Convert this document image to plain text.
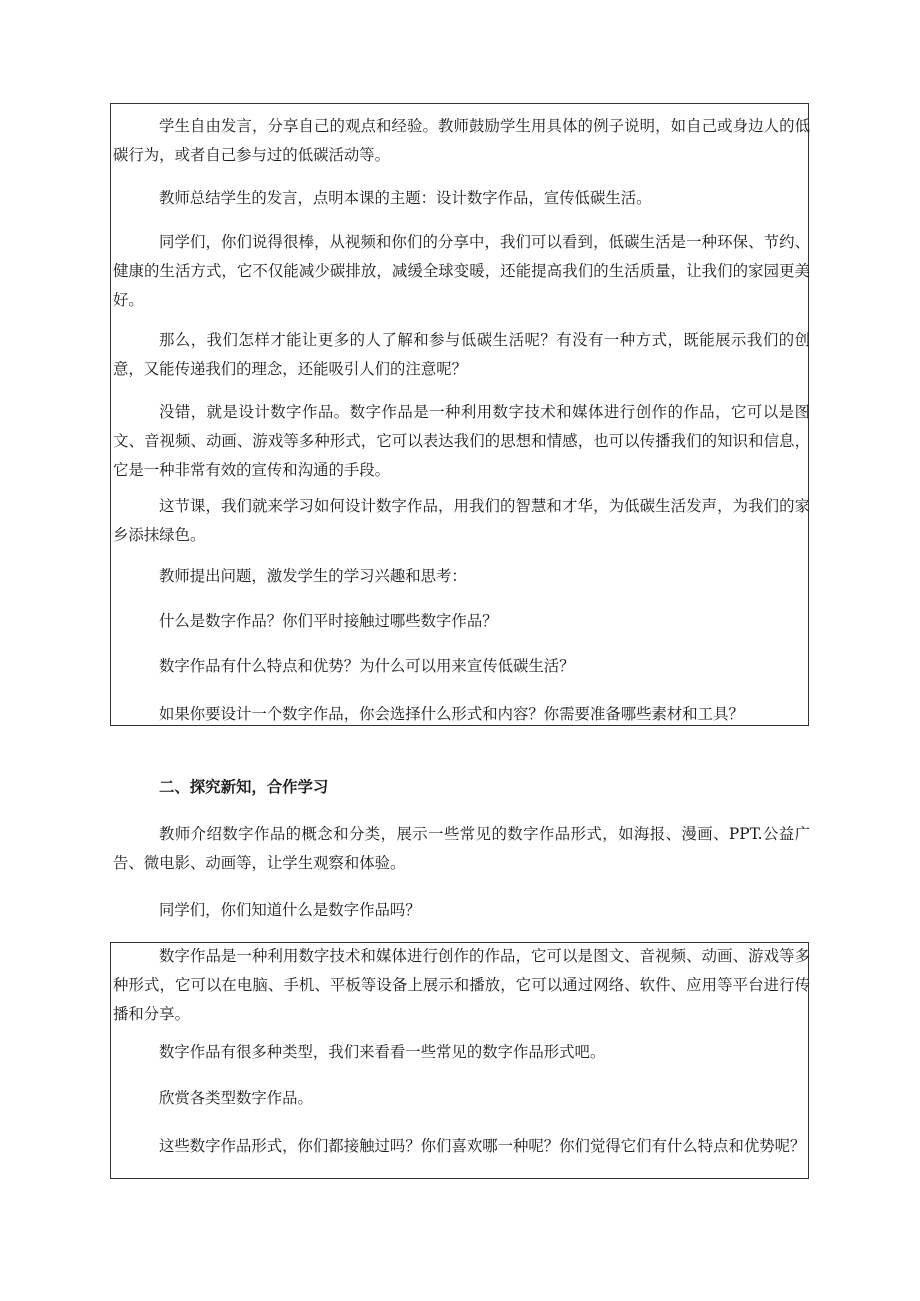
学生自由发言，分享自己的观点和经验。教师鼓励学生用具体的例子说明，如自己或身边人的低碳行为，或者自己参与过的低碳活动等。

教师总结学生的发言，点明本课的主题：设计数字作品，宣传低碳生活。

同学们，你们说得很棒，从视频和你们的分享中，我们可以看到，低碳生活是一种环保、节约、健康的生活方式，它不仅能减少碳排放，减缓全球变暖，还能提高我们的生活质量，让我们的家园更美好。

那么，我们怎样才能让更多的人了解和参与低碳生活呢？有没有一种方式，既能展示我们的创意，又能传递我们的理念，还能吸引人们的注意呢？

没错，就是设计数字作品。数字作品是一种利用数字技术和媒体进行创作的作品，它可以是图文、音视频、动画、游戏等多种形式，它可以表达我们的思想和情感，也可以传播我们的知识和信息，它是一种非常有效的宣传和沟通的手段。

这节课，我们就来学习如何设计数字作品，用我们的智慧和才华，为低碳生活发声，为我们的家乡添抹绿色。

教师提出问题，激发学生的学习兴趣和思考：

什么是数字作品？你们平时接触过哪些数字作品？

数字作品有什么特点和优势？为什么可以用来宣传低碳生活？

如果你要设计一个数字作品，你会选择什么形式和内容？你需要准备哪些素材和工具？

二、探究新知，合作学习

教师介绍数字作品的概念和分类，展示一些常见的数字作品形式，如海报、漫画、PPT.公益广告、微电影、动画等，让学生观察和体验。

同学们，你们知道什么是数字作品吗？

数字作品是一种利用数字技术和媒体进行创作的作品，它可以是图文、音视频、动画、游戏等多种形式，它可以在电脑、手机、平板等设备上展示和播放，它可以通过网络、软件、应用等平台进行传播和分享。

数字作品有很多种类型，我们来看看一些常见的数字作品形式吧。

欣赏各类型数字作品。

这些数字作品形式，你们都接触过吗？你们喜欢哪一种呢？你们觉得它们有什么特点和优势呢？
